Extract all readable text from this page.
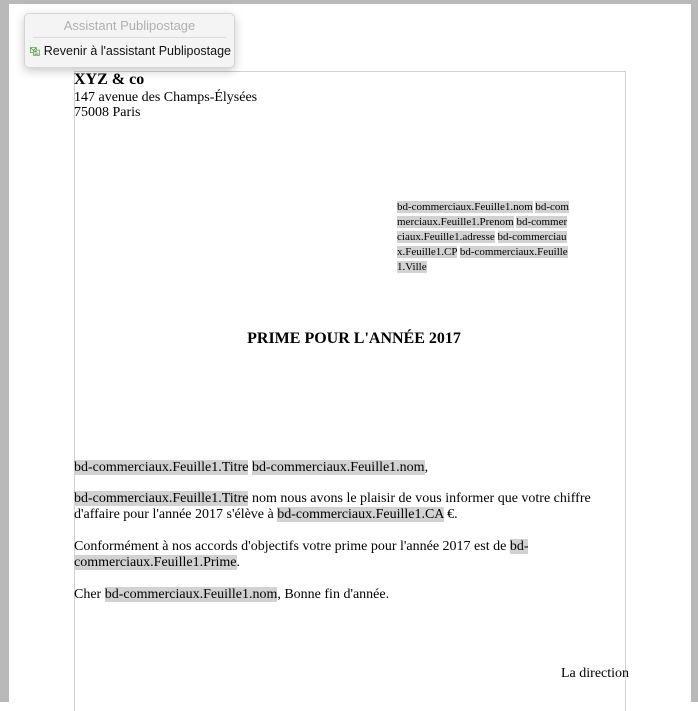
XYZ & co
147 avenue des Champs-Élysées
75008 Paris
bd-commerciaux.Feuille1.nom bd-commerciaux.Feuille1.Prenom bd-commerciaux.Feuille1.adresse bd-commerciaux.Feuille1.CP bd-commerciaux.Feuille1.Ville
PRIME POUR L'ANNÉE 2017
bd-commerciaux.Feuille1.Titre bd-commerciaux.Feuille1.nom,
bd-commerciaux.Feuille1.Titre nom nous avons le plaisir de vous informer que votre chiffre d'affaire pour l'année 2017 s'élève à bd-commerciaux.Feuille1.CA €.
Conformément à nos accords d'objectifs votre prime pour l'année 2017 est de bd-commerciaux.Feuille1.Prime.
Cher bd-commerciaux.Feuille1.nom, Bonne fin d'année.
La direction
Assistant Publipostage
Revenir à l'assistant Publipostage
